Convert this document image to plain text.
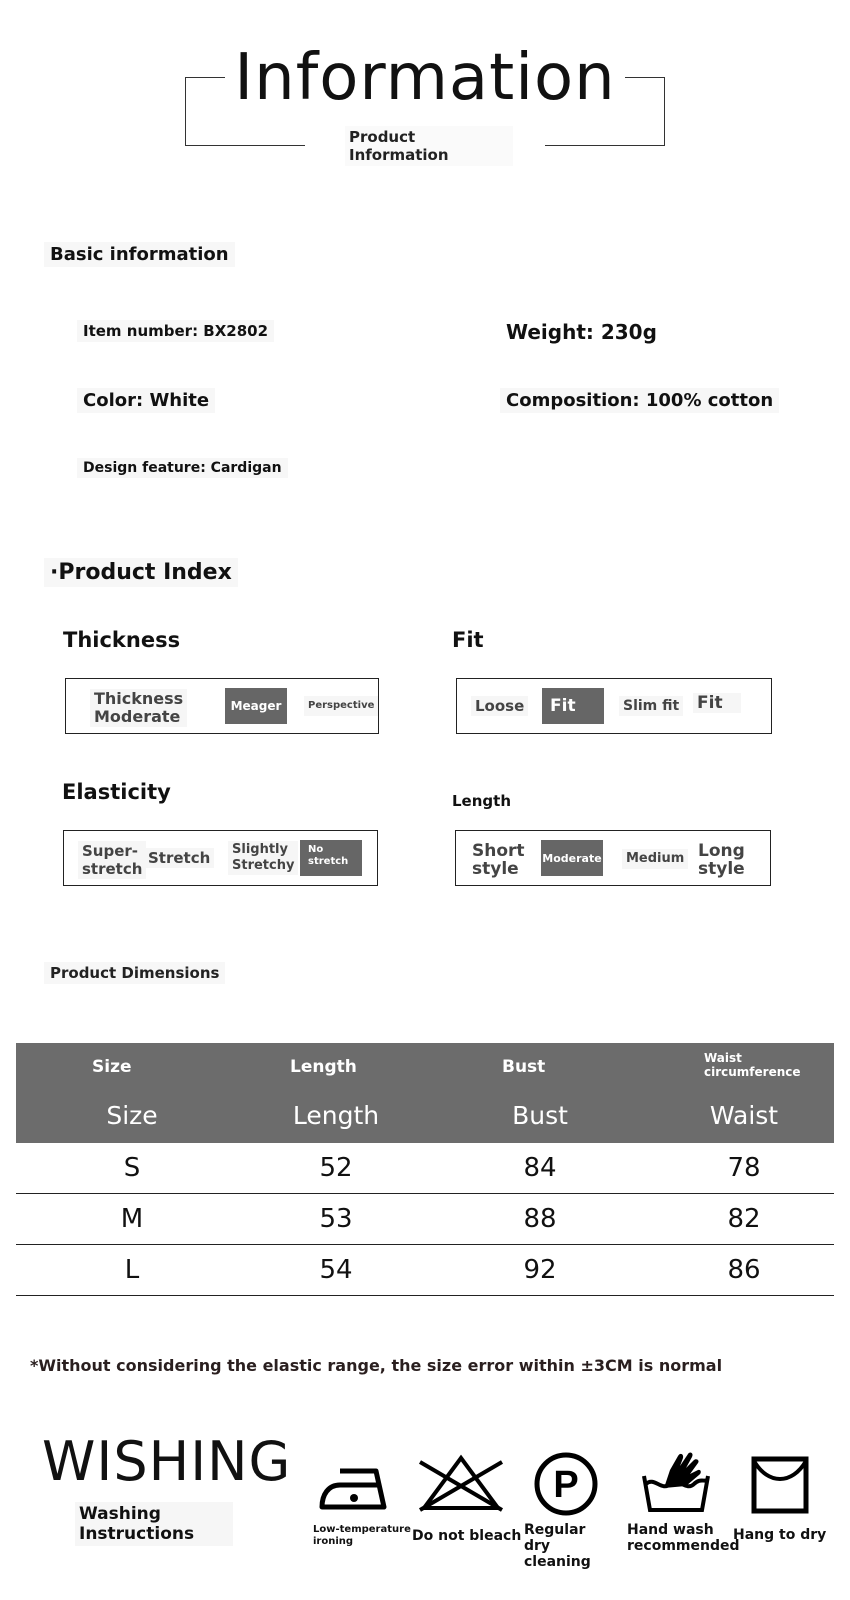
Information
Product
Information
Basic information
Item number: BX2802	Weight: 230g
Color: White	Composition: 100% cotton
Design feature: Cardigan
·Product Index
Thickness
Thickness
Moderate
Meager	Perspective
Fit
Loose	Fit	Slim fit Fit
Elasticity
Super-
stretch
Stretch	Slightly
Stretchy
No
stretch
Length
Short
style
Moderate	Medium Long
style
Product Dimensions
Size	Length	Bust	Waist circumference
Size	Length	Bust	Waist
S	52	84	78
M	53	88	82
L	54	92	86
*Without considering the elastic range, the size error within ±3CM is normal
WISHING
Washing
Instructions	Low-temperature ironing	Do not bleach
P
Regular dry cleaning
Hand wash recommended
Hang to dry
